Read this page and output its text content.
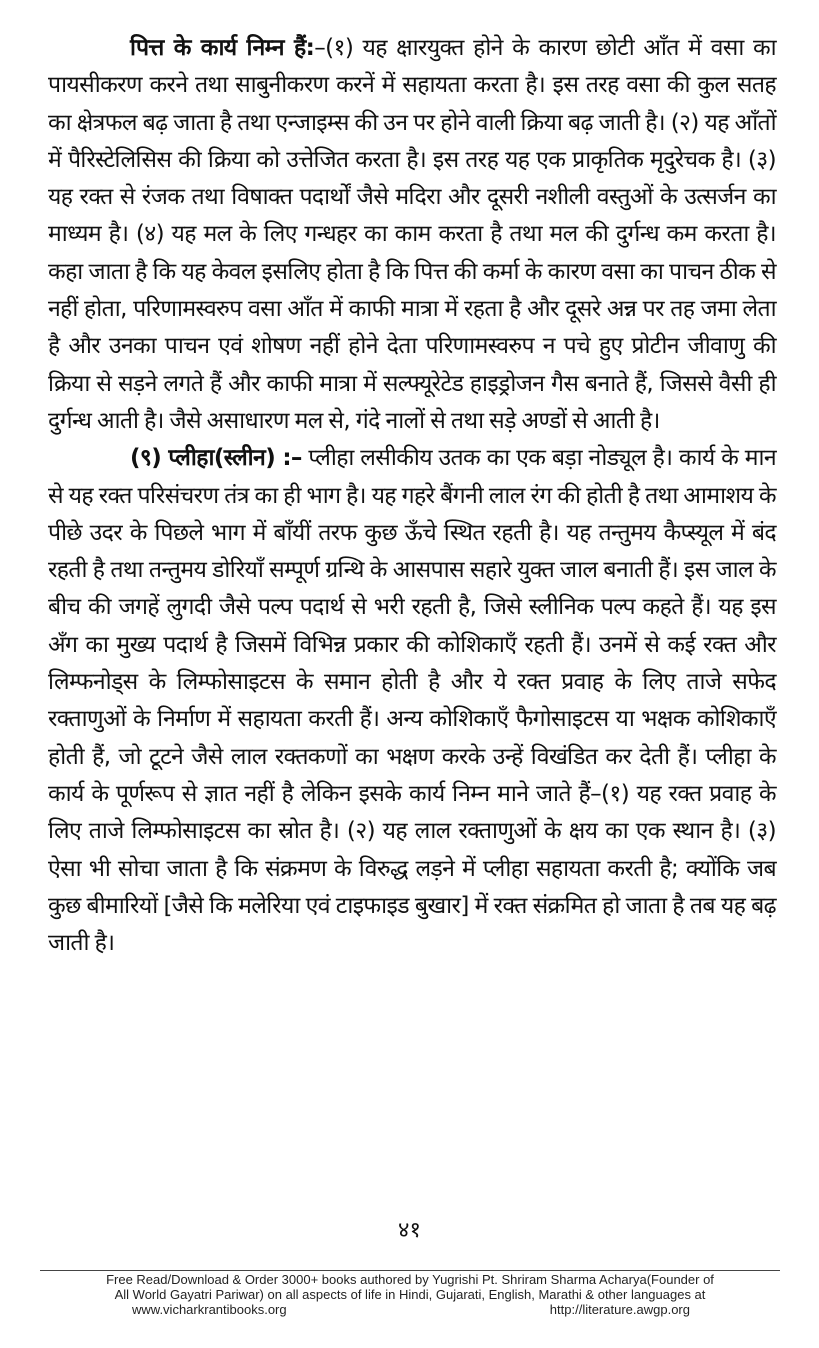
पित्त के कार्य निम्न हैं:–(१) यह क्षारयुक्त होने के कारण छोटी आँत में वसा का पायसीकरण करने तथा साबुनीकरण करनें में सहायता करता है। इस तरह वसा की कुल सतह का क्षेत्रफल बढ़ जाता है तथा एन्जाइम्स की उन पर होने वाली क्रिया बढ़ जाती है। (२) यह आँतों में पैरिस्टेलिसिस की क्रिया को उत्तेजित करता है। इस तरह यह एक प्राकृतिक मृदुरेचक है। (३) यह रक्त से रंजक तथा विषाक्त पदार्थों जैसे मदिरा और दूसरी नशीली वस्तुओं के उत्सर्जन का माध्यम है। (४) यह मल के लिए गन्धहर का काम करता है तथा मल की दुर्गन्ध कम करता है। कहा जाता है कि यह केवल इसलिए होता है कि पित्त की कर्मा के कारण वसा का पाचन ठीक से नहीं होता, परिणामस्वरुप वसा आँत में काफी मात्रा में रहता है और दूसरे अन्न पर तह जमा लेता है और उनका पाचन एवं शोषण नहीं होने देता परिणामस्वरुप न पचे हुए प्रोटीन जीवाणु की क्रिया से सड़ने लगते हैं और काफी मात्रा में सल्फ्यूरेटेड हाइड्रोजन गैस बनाते हैं, जिससे वैसी ही दुर्गन्ध आती है। जैसे असाधारण मल से, गंदे नालों से तथा सड़े अण्डों से आती है।

(९) प्लीहा(स्लीन) :– प्लीहा लसीकीय उतक का एक बड़ा नोड्यूल है। कार्य के मान से यह रक्त परिसंचरण तंत्र का ही भाग है। यह गहरे बैंगनी लाल रंग की होती है तथा आमाशय के पीछे उदर के पिछले भाग में बाँयीं तरफ कुछ ऊँचे स्थित रहती है। यह तन्तुमय कैप्स्यूल में बंद रहती है तथा तन्तुमय डोरियाँ सम्पूर्ण ग्रन्थि के आसपास सहारे युक्त जाल बनाती हैं। इस जाल के बीच की जगहें लुगदी जैसे पल्प पदार्थ से भरी रहती है, जिसे स्लीनिक पल्प कहते हैं। यह इस अँग का मुख्य पदार्थ है जिसमें विभिन्न प्रकार की कोशिकाएँ रहती हैं। उनमें से कई रक्त और लिम्फनोड्स के लिम्फोसाइटस के समान होती है और ये रक्त प्रवाह के लिए ताजे सफेद रक्ताणुओं के निर्माण में सहायता करती हैं। अन्य कोशिकाएँ फैगोसाइटस या भक्षक कोशिकाएँ होती हैं, जो टूटने जैसे लाल रक्तकणों का भक्षण करके उन्हें विखंडित कर देती हैं। प्लीहा के कार्य के पूर्णरूप से ज्ञात नहीं है लेकिन इसके कार्य निम्न माने जाते हैं–(१) यह रक्त प्रवाह के लिए ताजे लिम्फोसाइटस का स्रोत है। (२) यह लाल रक्ताणुओं के क्षय का एक स्थान है। (३) ऐसा भी सोचा जाता है कि संक्रमण के विरुद्ध लड़ने में प्लीहा सहायता करती है; क्योंकि जब कुछ बीमारियों [जैसे कि मलेरिया एवं टाइफाइड बुखार] में रक्त संक्रमित हो जाता है तब यह बढ़ जाती है।

४१
Free Read/Download & Order 3000+ books authored by Yugrishi Pt. Shriram Sharma Acharya(Founder of
All World Gayatri Pariwar) on all aspects of life in Hindi, Gujarati, English, Marathi & other languages at
www.vicharkrantibooks.org	http://literature.awgp.org
